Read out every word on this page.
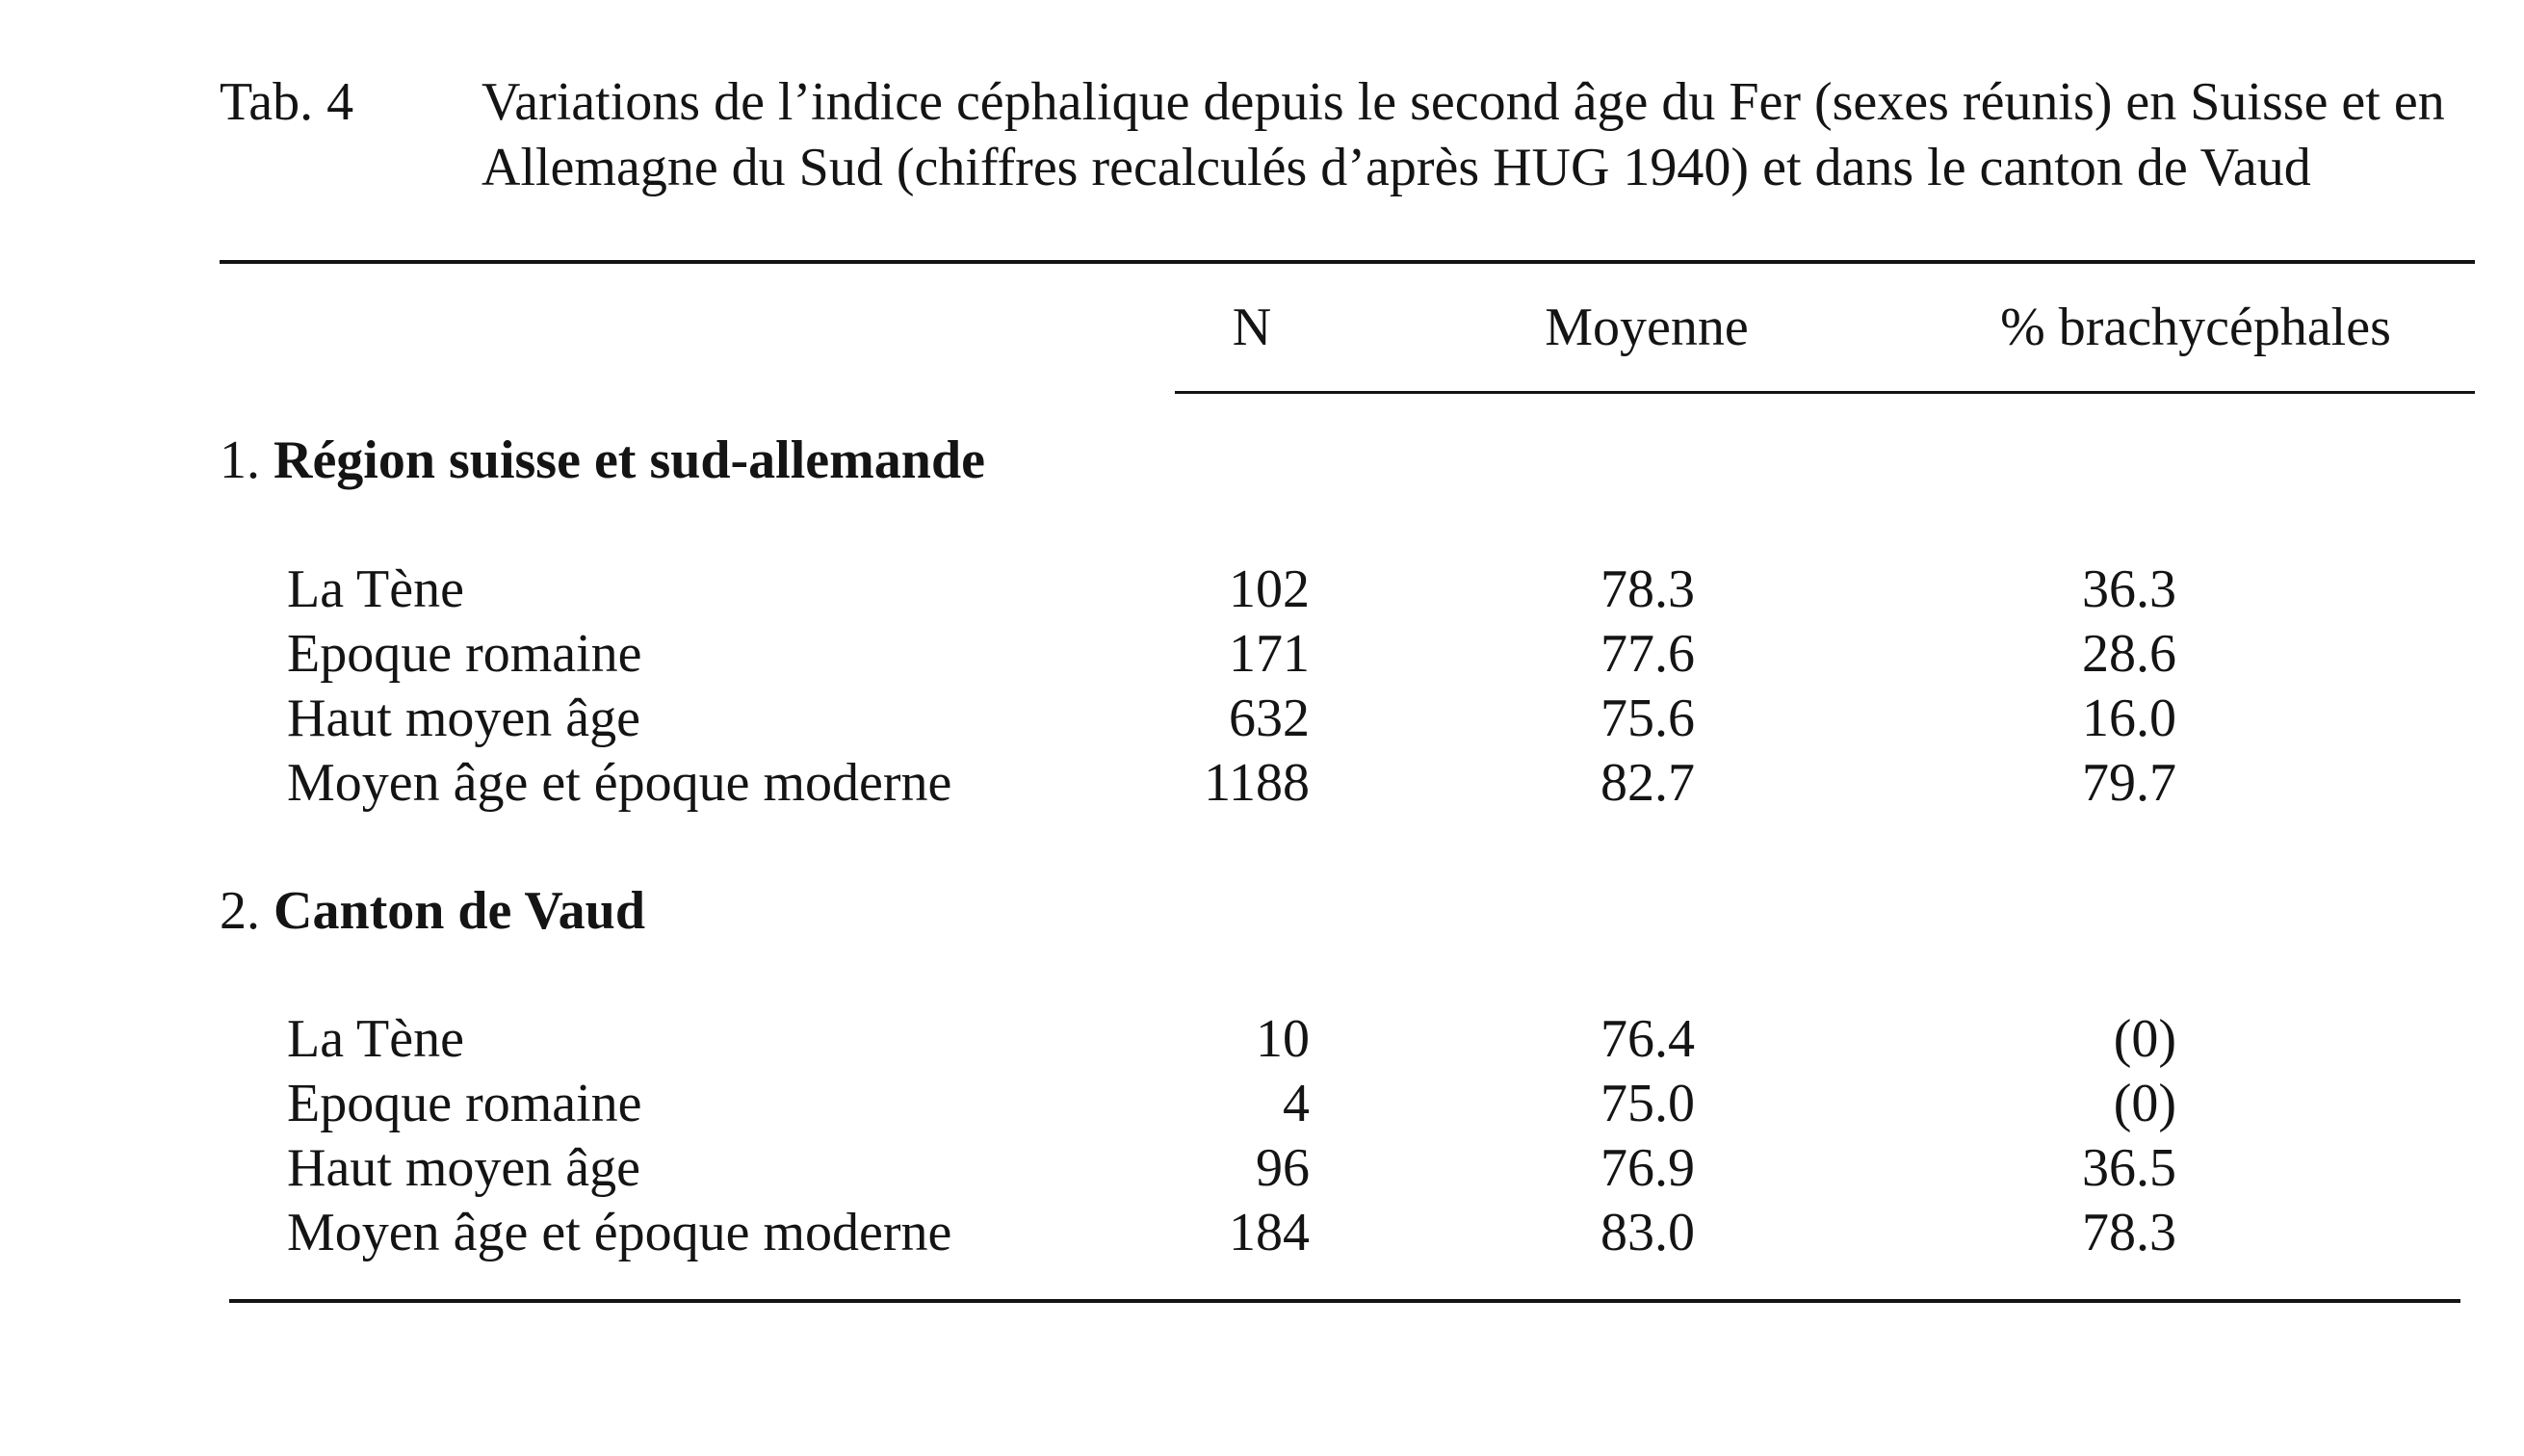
Tab. 4 Variations de l’indice céphalique depuis le second âge du Fer (sexes réunis) en Suisse et en Allemagne du Sud (chiffres recalculés d’après HUG 1940) et dans le canton de Vaud
N	Moyenne	% brachycéphales
1. Région suisse et sud-allemande
La Tène	102	78.3	36.3
Epoque romaine	171	77.6	28.6
Haut moyen âge	632	75.6	16.0
Moyen âge et époque moderne	1188	82.7	79.7
2. Canton de Vaud
La Tène	10	76.4	(0)
Epoque romaine	4	75.0	(0)
Haut moyen âge	96	76.9	36.5
Moyen âge et époque moderne	184	83.0	78.3
